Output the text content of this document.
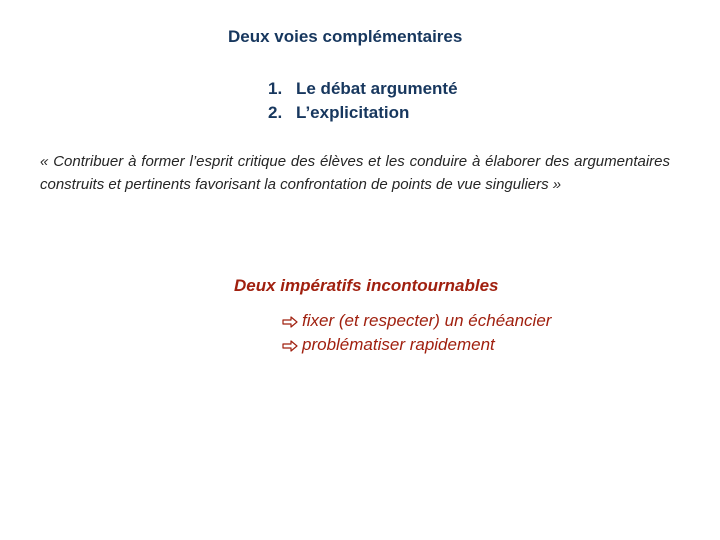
Deux voies complémentaires
1. Le débat argumenté
2. L’explicitation
« Contribuer à former l’esprit critique des élèves et les conduire à élaborer des argumentaires construits et pertinents favorisant la confrontation de points de vue singuliers »
Deux impératifs incontournables
fixer (et respecter) un échéancier
problématiser rapidement
